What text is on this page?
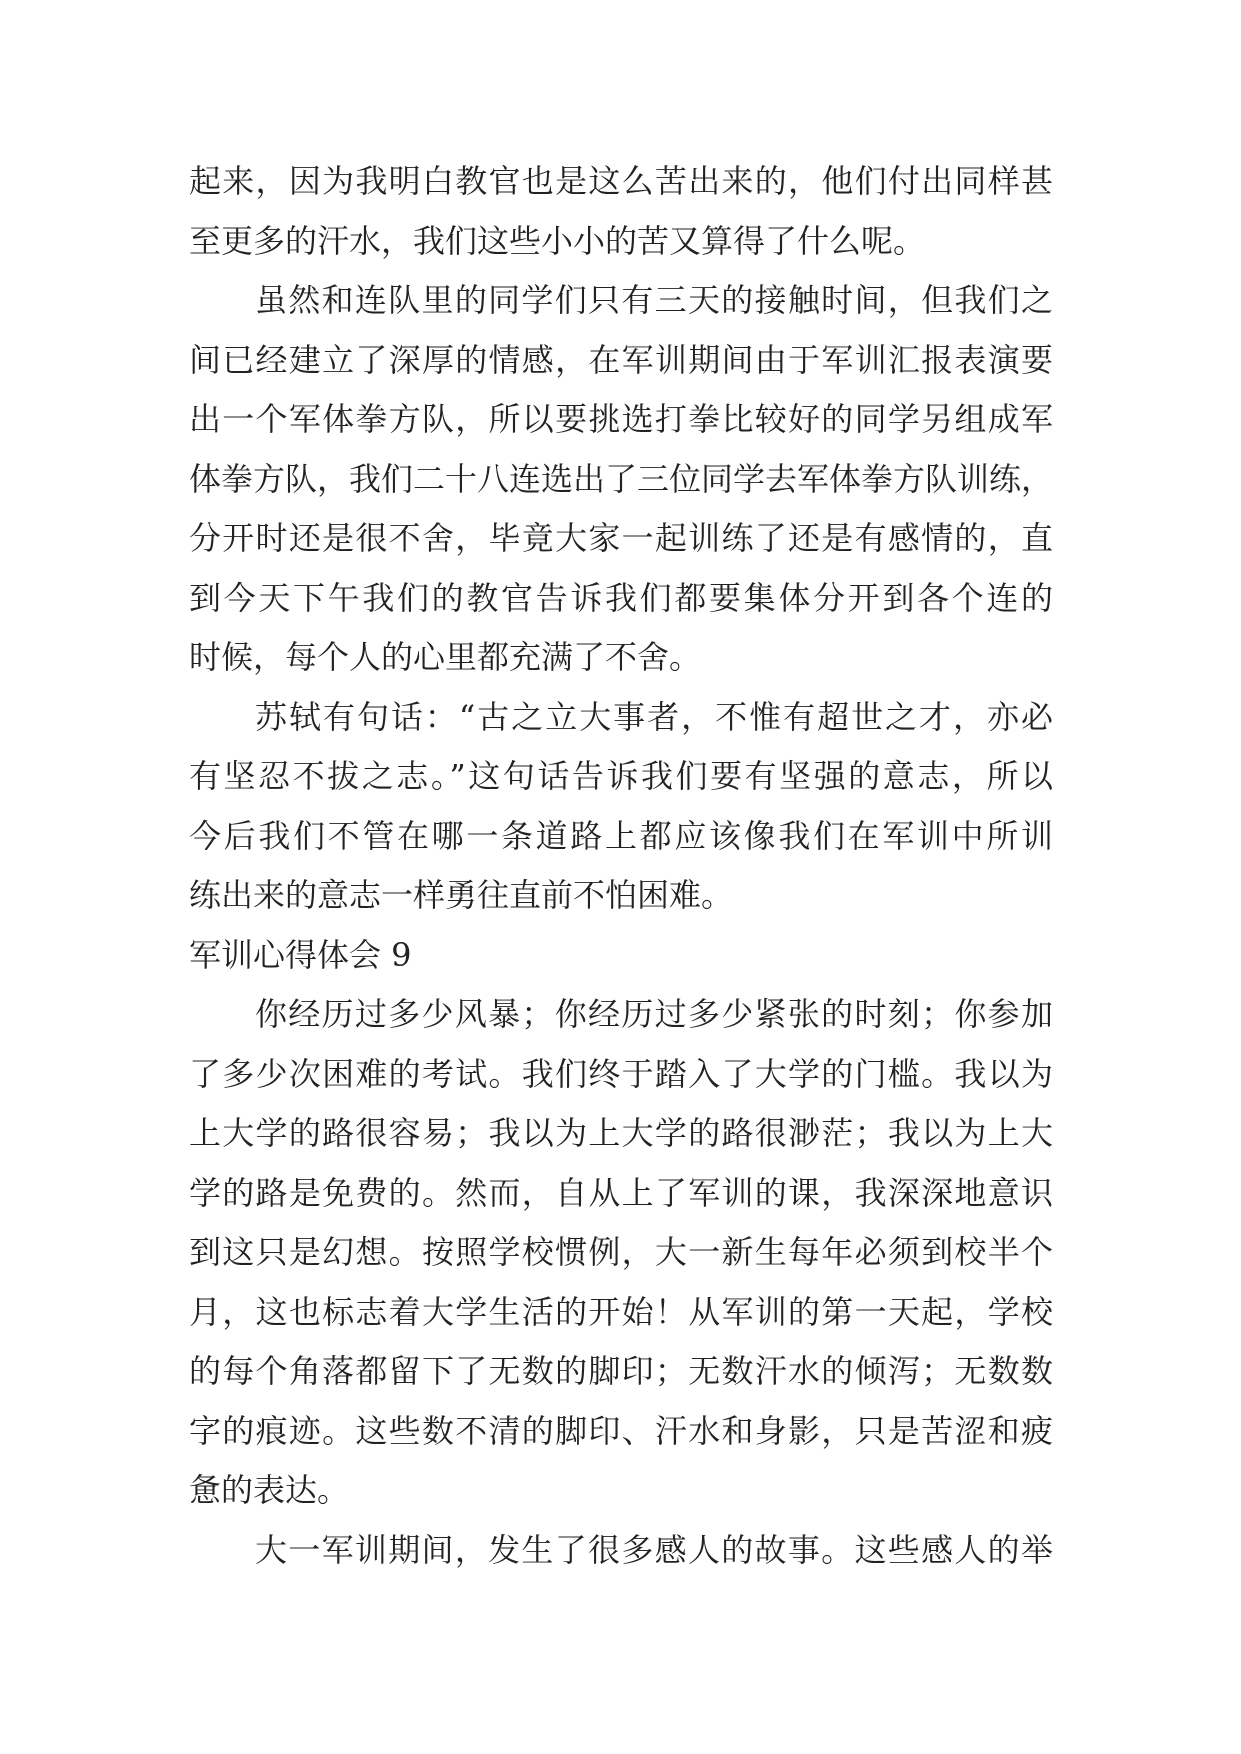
起来，因为我明白教官也是这么苦出来的，他们付出同样甚
至更多的汗水，我们这些小小的苦又算得了什么呢。
虽然和连队里的同学们只有三天的接触时间，但我们之
间已经建立了深厚的情感，在军训期间由于军训汇报表演要
出一个军体拳方队，所以要挑选打拳比较好的同学另组成军
体拳方队，我们二十八连选出了三位同学去军体拳方队训练，
分开时还是很不舍，毕竟大家一起训练了还是有感情的，直
到今天下午我们的教官告诉我们都要集体分开到各个连的
时候，每个人的心里都充满了不舍。
苏轼有句话：“古之立大事者，不惟有超世之才，亦必
有坚忍不拔之志。”这句话告诉我们要有坚强的意志，所以
今后我们不管在哪一条道路上都应该像我们在军训中所训
练出来的意志一样勇往直前不怕困难。
军训心得体会 9
你经历过多少风暴；你经历过多少紧张的时刻；你参加
了多少次困难的考试。我们终于踏入了大学的门槛。我以为
上大学的路很容易；我以为上大学的路很渺茫；我以为上大
学的路是免费的。然而，自从上了军训的课，我深深地意识
到这只是幻想。按照学校惯例，大一新生每年必须到校半个
月，这也标志着大学生活的开始！从军训的第一天起，学校
的每个角落都留下了无数的脚印；无数汗水的倾泻；无数数
字的痕迹。这些数不清的脚印、汗水和身影，只是苦涩和疲
惫的表达。
大一军训期间，发生了很多感人的故事。这些感人的举
